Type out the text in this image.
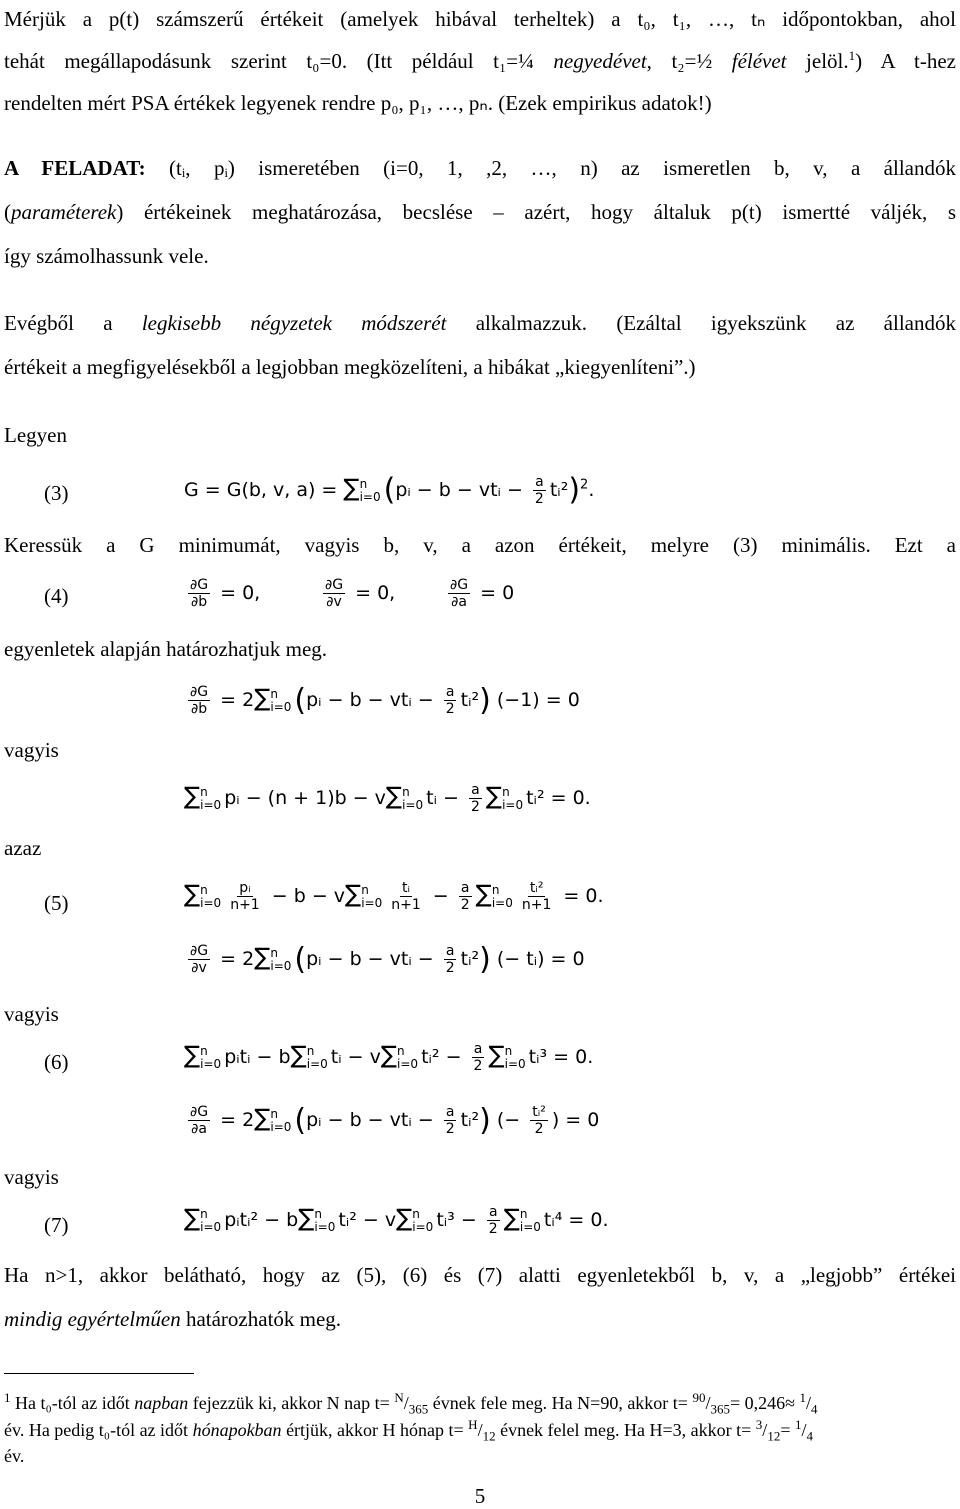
Mérjük a p(t) számszerű értékeit (amelyek hibával terheltek) a t₀, t₁, …, tₙ időpontokban, ahol
tehát megállapodásunk szerint t₀=0. (Itt például t₁=¼ negyedévet, t₂=½ félévet jelöl.$^1$) A t-hez
rendelten mért PSA értékek legyenek rendre p₀, p₁, …, pₙ. (Ezek empirikus adatok!)
A FELADAT: (tᵢ, pᵢ) ismeretében (i=0, 1, ,2, …, n) az ismeretlen b, v, a állandók
(paraméterek) értékeinek meghatározása, becslése – azért, hogy általuk p(t) ismertté váljék, s
így számolhassunk vele.
Evégből a legkisebb négyzetek módszerét alkalmazzuk. (Ezáltal igyekszünk az állandók
értékeit a megfigyelésekből a legjobban megközelíteni, a hibákat „kiegyenlíteni”.)
Legyen
(3)	G = G(b, v, a) = ∑ n
i=0 (pᵢ − b − vtᵢ − $\frac{a}{2}$ tᵢ²)$^2$.
Keressük a G minimumát, vagyis b, v, a azon értékeit, melyre (3) minimális. Ezt a
(4)	$\frac{\partial G}{\partial b} = 0$,	$\frac{\partial G}{\partial v} = 0$,	$\frac{\partial G}{\partial a} = 0$
egyenletek alapján határozhatjuk meg.
$\frac{\partial G}{\partial b} = 2\sum$ n
i=0 (pᵢ − b − vtᵢ − $\frac{a}{2}$ tᵢ²) (−1) = 0
vagyis
∑ n
i=0 pᵢ − (n + 1)b − v∑ n
i=0 tᵢ − $\frac{a}{2}$ ∑ n
i=0 tᵢ² = 0.
azaz
(5)	∑ n
$i=0 \frac{\text{pᵢ}}{n+1} - b - v\sum$ n
$i=0 \frac{\text{tᵢ}}{n+1} - \frac{a}{2}$ ∑ n
$i=0 \frac{\text{tᵢ²}}{n+1} = 0$.
$\frac{\partial G}{\partial v} = 2\sum$ n
i=0 (pᵢ − b − vtᵢ − $\frac{a}{2}$ tᵢ²) (− tᵢ) = 0
vagyis
(6)	∑ n
i=0 pᵢtᵢ − b∑ n
i=0 tᵢ − v∑ n
i=0 tᵢ² − $\frac{a}{2}$ ∑ n
i=0 tᵢ³ = 0.
$\frac{\partial G}{\partial a} = 2\sum$ n
i=0 (pᵢ − b − vtᵢ − $\frac{a}{2}$ tᵢ²) (− $\frac{\text{tᵢ²}}{2}$ ) = 0
vagyis
(7)	∑ n
i=0 pᵢtᵢ² − b∑ n
i=0 tᵢ² − v∑ n
i=0 tᵢ³ − $\frac{a}{2}$ ∑ n
i=0 tᵢ⁴ = 0.
Ha n>1, akkor belátható, hogy az (5), (6) és (7) alatti egyenletekből b, v, a „legjobb” értékei
mindig egyértelműen határozhatók meg.
$^1$ Ha t₀-tól az időt napban fejezzük ki, akkor N nap $t= ^N/_{365}$ évnek fele meg. Ha N=90, akkor $t= ^{90}/_{365}= 0,246\approx ^1/_4$
év. Ha pedig t₀-tól az időt hónapokban értjük, akkor H hónap $t= ^H/_{12}$ évnek felel meg. Ha H=3, akkor $t= ^3/_{12}= ^1/_4$
év.
5
